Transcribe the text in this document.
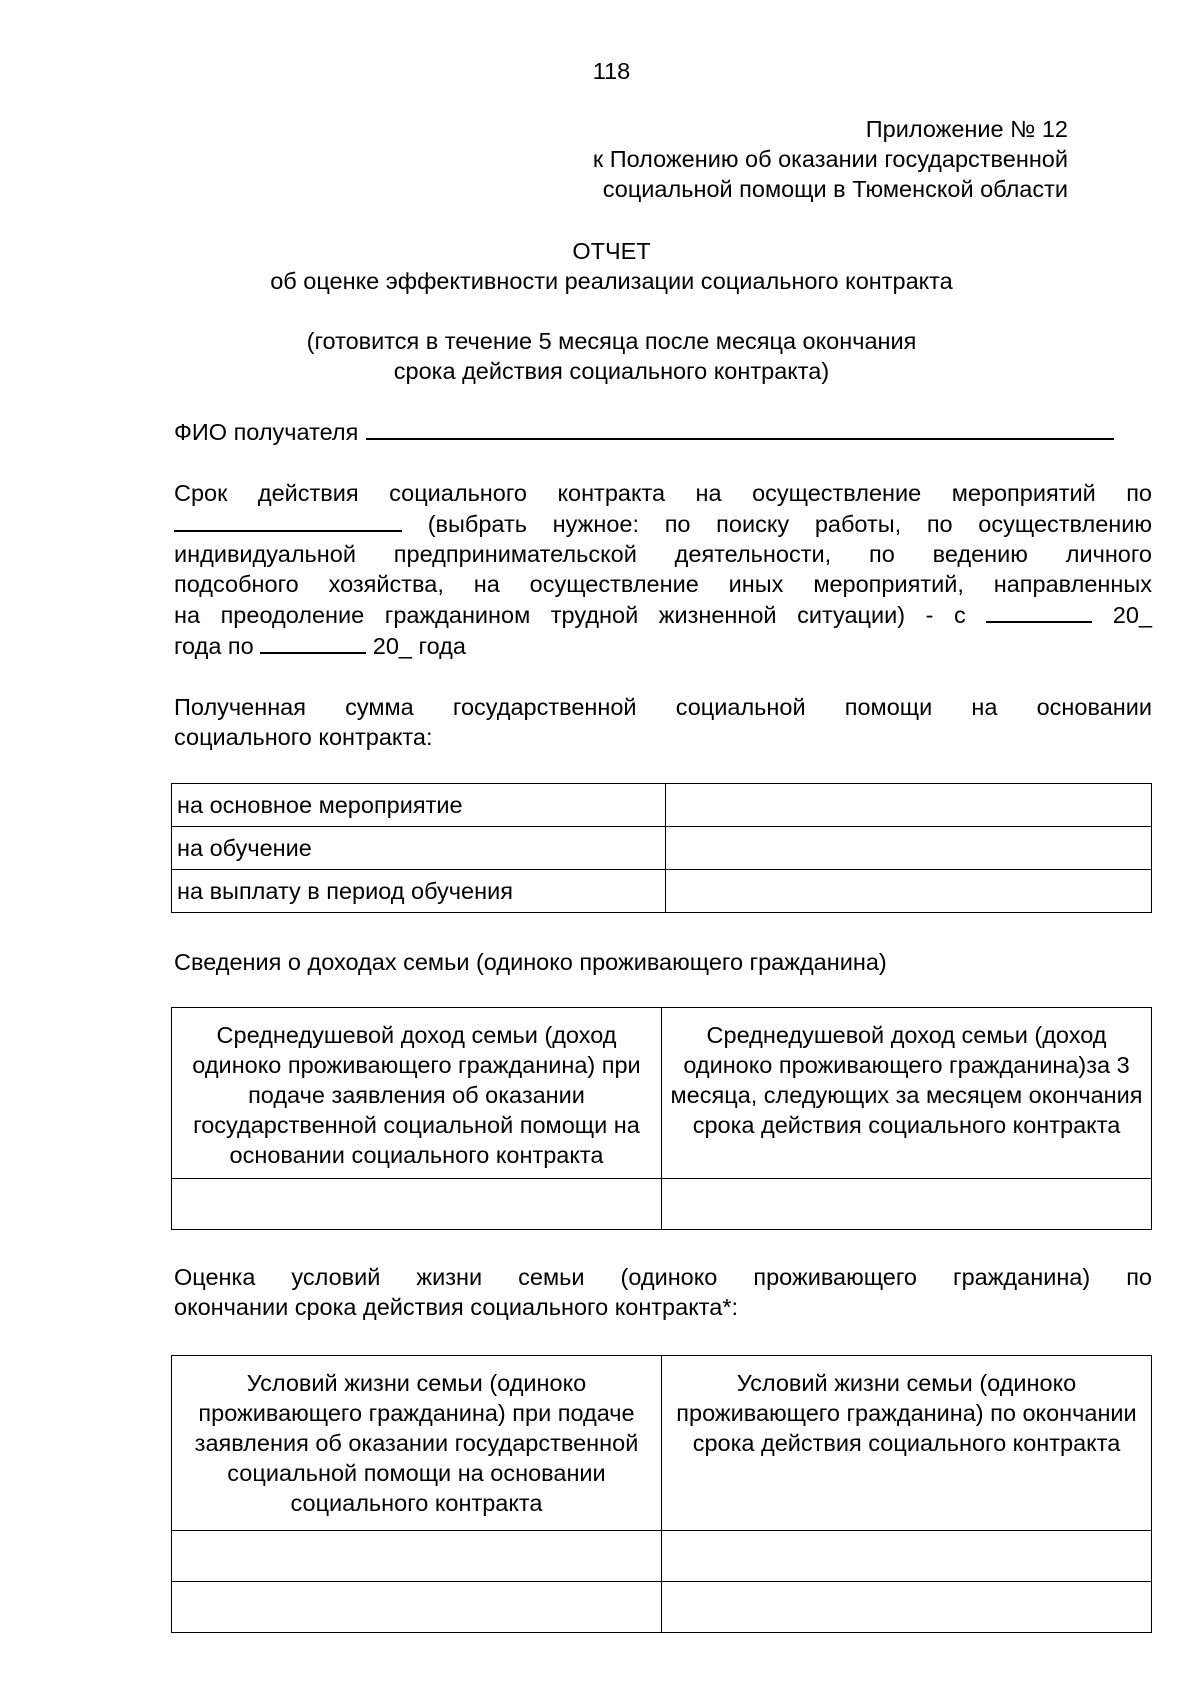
118
Приложение № 12
к Положению об оказании государственной
социальной помощи в Тюменской области
ОТЧЕТ
об оценке эффективности реализации социального контракта
(готовится в течение 5 месяца после месяца окончания
срока действия социального контракта)
ФИО получателя
Срок действия социального контракта на осуществление мероприятий по
(выбрать нужное: по поиску работы, по осуществлению
индивидуальной предпринимательской деятельности, по ведению личного
подсобного хозяйства, на осуществление иных мероприятий, направленных
на преодоление гражданином трудной жизненной ситуации) - с	20_
года по	20_ года
Полученная сумма государственной социальной помощи на основании
социального контракта:
на основное мероприятие	
на обучение	
на выплату в период обучения	
Сведения о доходах семьи (одиноко проживающего гражданина)
Среднедушевой доход семьи (доход одиноко проживающего гражданина) при подаче заявления об оказании государственной социальной помощи на основании социального контракта	Среднедушевой доход семьи (доход одиноко проживающего гражданина)за 3 месяца, следующих за месяцем окончания срока действия социального контракта

Оценка условий жизни семьи (одиноко проживающего гражданина) по
окончании срока действия социального контракта*:
Условий жизни семьи (одиноко проживающего гражданина) при подаче заявления об оказании государственной социальной помощи на основании социального контракта	Условий жизни семьи (одиноко проживающего гражданина) по окончании срока действия социального контракта
